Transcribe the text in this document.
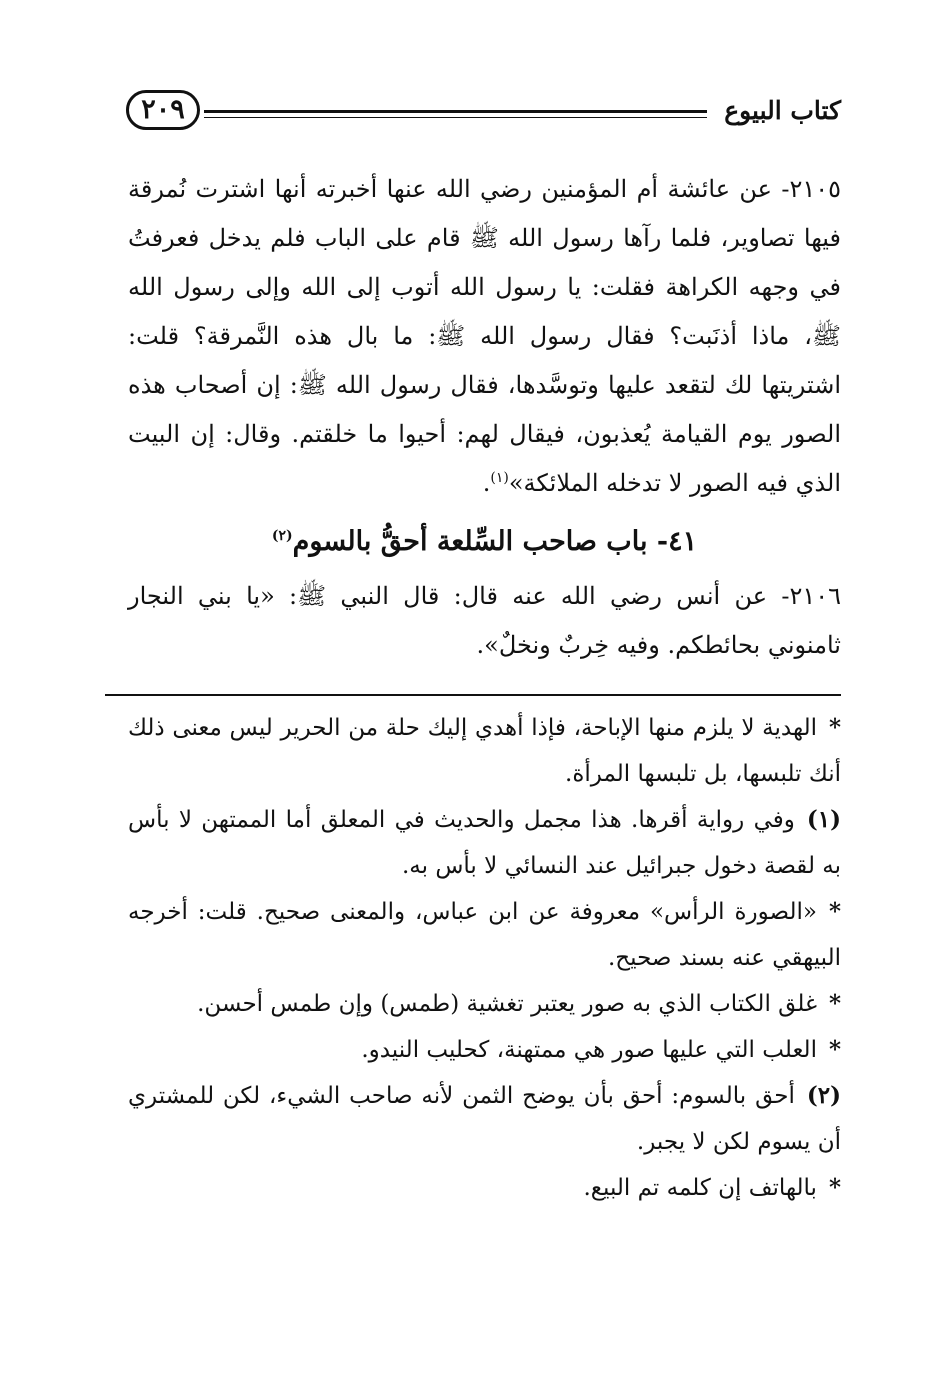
كتاب البيوع
٢٠٩

٢١٠٥- عن عائشة أم المؤمنين رضي الله عنها أخبرته أنها اشترت نُمرقة فيها تصاوير، فلما رآها رسول الله ﷺ قام على الباب فلم يدخل فعرفتُ في وجهه الكراهة فقلت: يا رسول الله أتوب إلى الله وإلى رسول الله ﷺ، ماذا أذنَبت؟ فقال رسول الله ﷺ: ما بال هذه النَّمرقة؟ قلت: اشتريتها لك لتقعد عليها وتوسَّدها، فقال رسول الله ﷺ: إن أصحاب هذه الصور يوم القيامة يُعذبون، فيقال لهم: أحيوا ما خلقتم. وقال: إن البيت الذي فيه الصور لا تدخله الملائكة»$^{(١)}$.

٤١- باب صاحب السِّلعة أحقُّ بالسوم$^{(٢)}$

٢١٠٦- عن أنس رضي الله عنه قال: قال النبي ﷺ: «يا بني النجار ثامنوني بحائطكم. وفيه خِربٌ ونخلٌ».

*الهدية لا يلزم منها الإباحة، فإذا أهدي إليك حلة من الحرير ليس معنى ذلك أنك تلبسها، بل تلبسها المرأة.

(١)وفي رواية أقرها. هذا مجمل والحديث في المعلق أما الممتهن لا بأس به لقصة دخول جبرائيل عند النسائي لا بأس به.

*«الصورة الرأس» معروفة عن ابن عباس، والمعنى صحيح. قلت: أخرجه البيهقي عنه بسند صحيح.

*غلق الكتاب الذي به صور يعتبر تغشية (طمس) وإن طمس أحسن.

*العلب التي عليها صور هي ممتهنة، كحليب النيدو.

(٢)أحق بالسوم: أحق بأن يوضح الثمن لأنه صاحب الشيء، لكن للمشتري أن يسوم لكن لا يجبر.

*بالهاتف إن كلمه تم البيع.
